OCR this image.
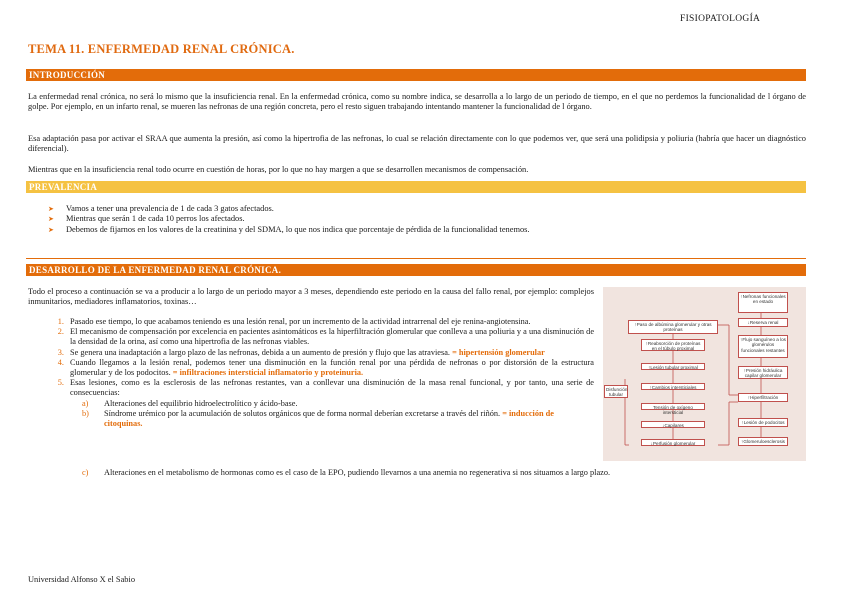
FISIOPATOLOGÍA
TEMA 11. ENFERMEDAD RENAL CRÓNICA.
INTRODUCCIÓN
La enfermedad renal crónica, no será lo mismo que la insuficiencia renal. En la enfermedad crónica, como su nombre indica, se desarrolla a lo largo de un periodo de tiempo, en el que no perdemos la funcionalidad de l órgano de golpe. Por ejemplo, en un infarto renal, se mueren las nefronas de una región concreta, pero el resto siguen trabajando intentando mantener la funcionalidad de l órgano.
Esa adaptación pasa por activar el SRAA que aumenta la presión, así como la hipertrofia de las nefronas, lo cual se relación directamente con lo que podemos ver, que será una polidipsia y poliuria (habría que hacer un diagnóstico diferencial).
Mientras que en la insuficiencia renal todo ocurre en cuestión de horas, por lo que no hay margen a que se desarrollen mecanismos de compensación.
PREVALENCIA
➤	Vamos a tener una prevalencia de 1 de cada 3 gatos afectados.
➤	Mientras que serán 1 de cada 10 perros los afectados.
➤	Debemos de fijarnos en los valores de la creatinina y del SDMA, lo que nos indica que porcentaje de pérdida de la funcionalidad tenemos.
DESARROLLO DE LA ENFERMEDAD RENAL CRÓNICA.
Todo el proceso a continuación se va a producir a lo largo de un periodo mayor a 3 meses, dependiendo este periodo en la causa del fallo renal, por ejemplo: complejos inmunitarios, mediadores inflamatorios, toxinas…
1. Pasado ese tiempo, lo que acabamos teniendo es una lesión renal, por un incremento de la actividad intrarrenal del eje renina-angiotensina.
2. El mecanismo de compensación por excelencia en pacientes asintomáticos es la hiperfiltración glomerular que conlleva a una poliuria y a una disminución de la densidad de la orina, así como una hipertrofia de las nefronas viables.
3. Se genera una inadaptación a largo plazo de las nefronas, debida a un aumento de presión y flujo que las atraviesa. = hipertensión glomerular
4. Cuando llegamos a la lesión renal, podemos tener una disminución en la función renal por una pérdida de nefronas o por distorsión de la estructura glomerular y de los podocitos. = infiltraciones intersticial inflamatorio y proteinuria.
5. Esas lesiones, como es la esclerosis de las nefronas restantes, van a conllevar una disminución de la masa renal funcional, y por tanto, una serie de consecuencias:
a)	Alteraciones del equilibrio hidroelectrolítico y ácido-base.
b)	Síndrome urémico por la acumulación de solutos orgánicos que de forma normal deberían excretarse a través del riñón. = inducción de citoquinas.
c)	Alteraciones en el metabolismo de hormonas como es el caso de la EPO, pudiendo llevarnos a una anemia no regenerativa si nos situamos a largo plazo.
↑Nefronas funcionales en estado
↓Reserva renal
↑Flujo sanguíneo a los glomérulos funcionales restantes
↑Presión hidráulica capilar glomerular
↑Hiperfiltración
↑Lesión de podocitos
↑Glomeruloesclerosis
↑Paso de albúmina glomerular y otras proteínas
↑Reabsorción de proteínas en el túbulo proximal
↑Lesión tubular proximal
↑Cambios intersticiales
Tensión de oxígeno intersticial
↓Capilares
↓Perfusión glomerular
Disfunción tubular
Universidad Alfonso X el Sabio
